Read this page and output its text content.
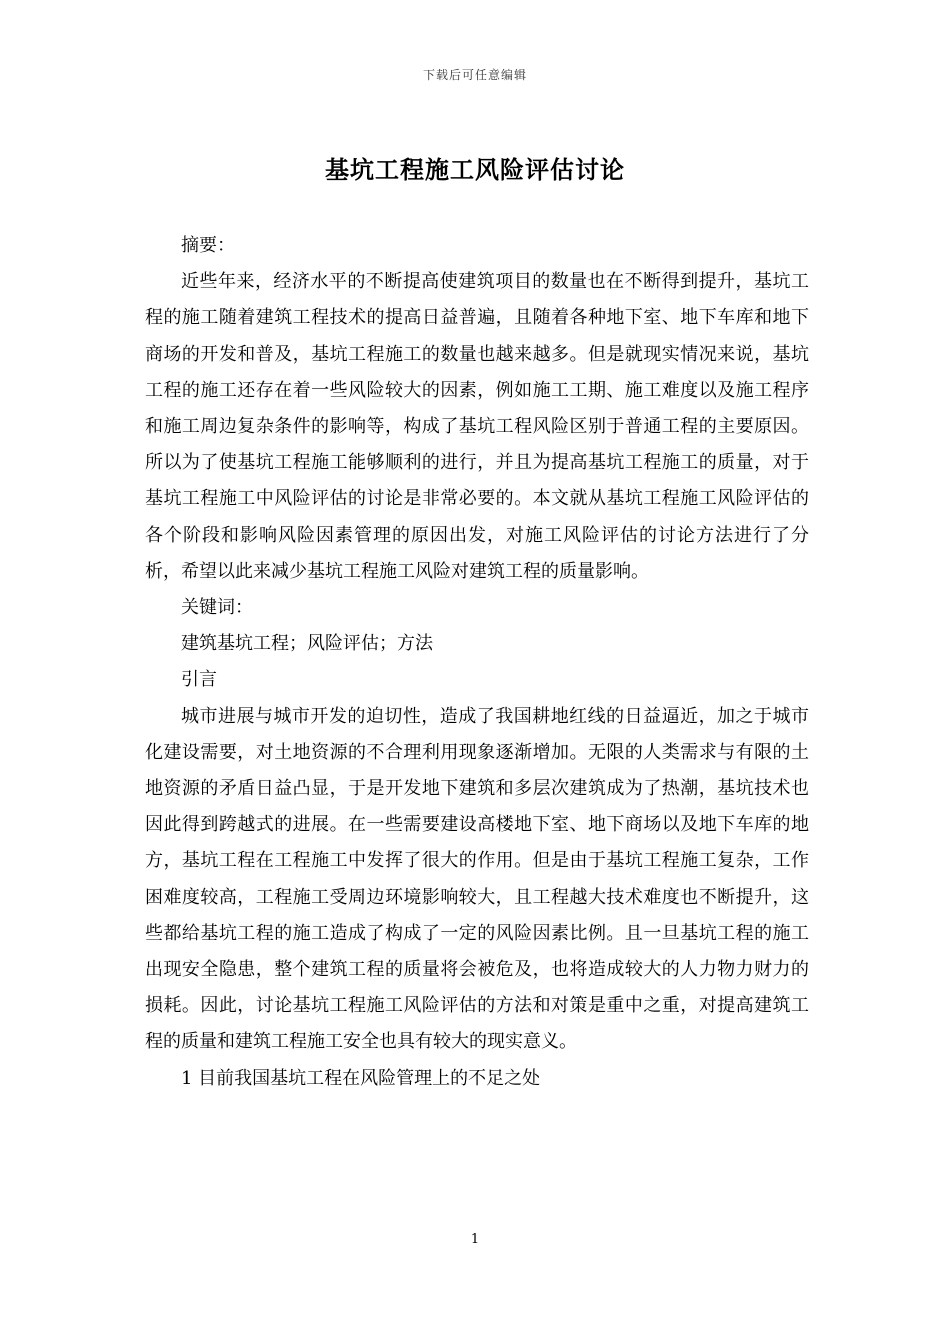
下载后可任意编辑
基坑工程施工风险评估讨论

摘要：

近些年来，经济水平的不断提高使建筑项目的数量也在不断得到提升，基坑工程的施工随着建筑工程技术的提高日益普遍，且随着各种地下室、地下车库和地下商场的开发和普及，基坑工程施工的数量也越来越多。但是就现实情况来说，基坑工程的施工还存在着一些风险较大的因素，例如施工工期、施工难度以及施工程序和施工周边复杂条件的影响等，构成了基坑工程风险区别于普通工程的主要原因。所以为了使基坑工程施工能够顺利的进行，并且为提高基坑工程施工的质量，对于基坑工程施工中风险评估的讨论是非常必要的。本文就从基坑工程施工风险评估的各个阶段和影响风险因素管理的原因出发，对施工风险评估的讨论方法进行了分析，希望以此来减少基坑工程施工风险对建筑工程的质量影响。

关键词：

建筑基坑工程；风险评估；方法

引言

城市进展与城市开发的迫切性，造成了我国耕地红线的日益逼近，加之于城市化建设需要，对土地资源的不合理利用现象逐渐增加。无限的人类需求与有限的土地资源的矛盾日益凸显，于是开发地下建筑和多层次建筑成为了热潮，基坑技术也因此得到跨越式的进展。在一些需要建设高楼地下室、地下商场以及地下车库的地方，基坑工程在工程施工中发挥了很大的作用。但是由于基坑工程施工复杂，工作困难度较高，工程施工受周边环境影响较大，且工程越大技术难度也不断提升，这些都给基坑工程的施工造成了构成了一定的风险因素比例。且一旦基坑工程的施工出现安全隐患，整个建筑工程的质量将会被危及，也将造成较大的人力物力财力的损耗。因此，讨论基坑工程施工风险评估的方法和对策是重中之重，对提高建筑工程的质量和建筑工程施工安全也具有较大的现实意义。

1 目前我国基坑工程在风险管理上的不足之处

1
